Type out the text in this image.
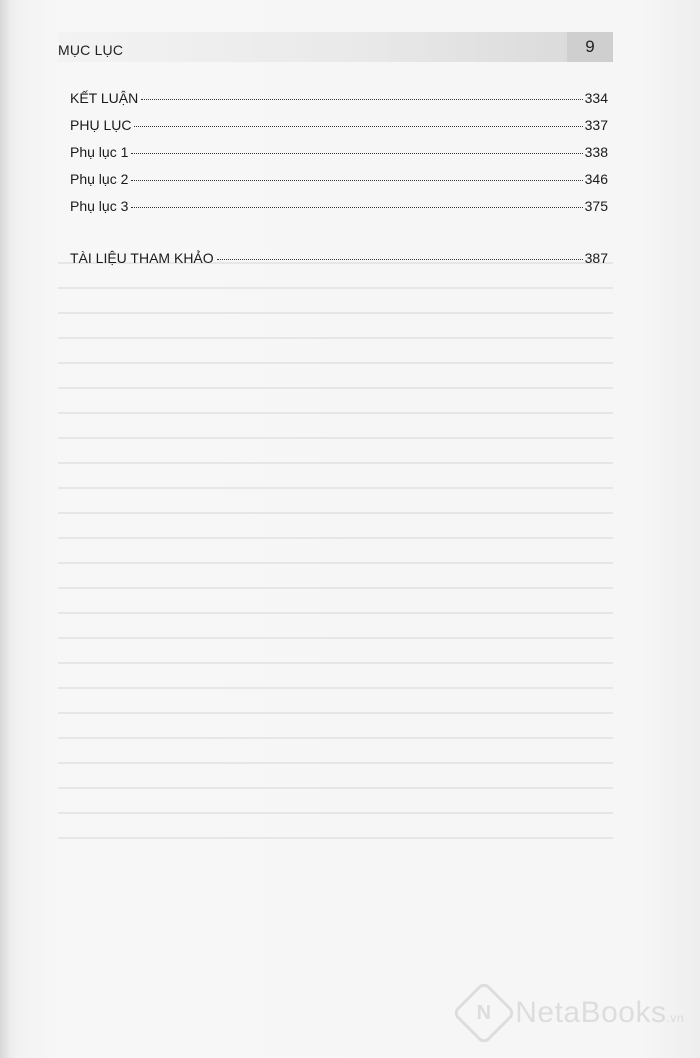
MỤC LỤC	9
KẾT LUẬN	334
PHỤ LỤC	337
Phụ lục 1	338
Phụ lục 2	346
Phụ lục 3	375
TÀI LIỆU THAM KHẢO	387
N NetaBooks.vn
